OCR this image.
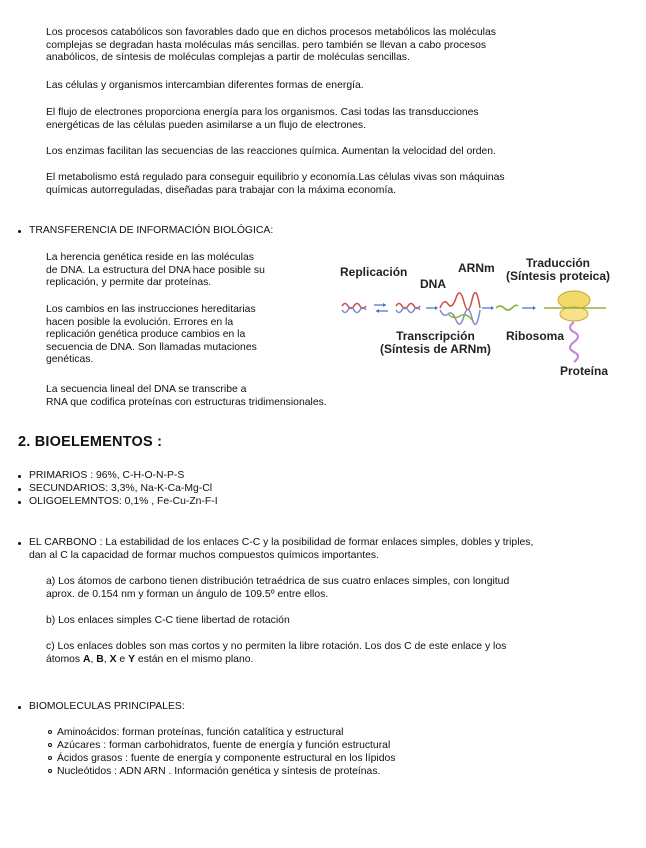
Los procesos catabólicos son favorables dado que en dichos procesos metabólicos las moléculas
complejas se degradan hasta moléculas más sencillas. pero también se llevan a cabo procesos
anabólicos, de síntesis de moléculas complejas a partir de moléculas sencillas.
Las células y organismos intercambian diferentes formas de energía.
El flujo de electrones proporciona energía para los organismos. Casi todas las transducciones
energéticas de las células pueden asimilarse a un flujo de electrones.
Los enzimas facilitan las secuencias de las reacciones química. Aumentan la velocidad del orden.
El metabolismo está regulado para conseguir equilibrio y economía.Las células vivas son máquinas
químicas autorreguladas, diseñadas para trabajar con la máxima economía.
TRANSFERENCIA DE INFORMACIÓN BIOLÓGICA:
La herencia genética reside en las moléculas
de DNA. La estructura del DNA hace posible su
replicación, y permite dar proteínas.
Los cambios en las instrucciones hereditarias
hacen posible la evolución. Errores en la
replicación genética produce cambios en la
secuencia de DNA. Son llamadas mutaciones
genéticas.
La secuencia lineal del DNA se transcribe a
RNA que codifica proteínas con estructuras tridimensionales.
Replicación
DNA
ARNm	Traducción
(Síntesis proteica)
Transcripción
(Síntesis de ARNm)
Ribosoma
Proteína
2. BIOELEMENTOS :
PRIMARIOS : 96%, C-H-O-N-P-S
SECUNDARIOS: 3,3%, Na-K-Ca-Mg-Cl
OLIGOELEMNTOS: 0,1% , Fe-Cu-Zn-F-I
EL CARBONO : La estabilidad de los enlaces C-C y la posibilidad de formar enlaces simples, dobles y triples,
dan al C la capacidad de formar muchos compuestos químicos importantes.
a) Los átomos de carbono tienen distribución tetraédrica de sus cuatro enlaces simples, con longitud
aprox. de 0.154 nm y forman un ángulo de 109.5º entre ellos.
b) Los enlaces simples C-C tiene libertad de rotación
c) Los enlaces dobles son mas cortos y no permiten la libre rotación. Los dos C de este enlace y los
átomos A, B, X e Y están en el mismo plano.
BIOMOLECULAS PRINCIPALES:
Aminoácidos: forman proteínas, función catalítica y estructural
Azúcares : forman carbohidratos, fuente de energía y función estructural
Ácidos grasos : fuente de energía y componente estructural en los lípidos
Nucleótidos : ADN ARN . Información genética y síntesis de proteínas.
